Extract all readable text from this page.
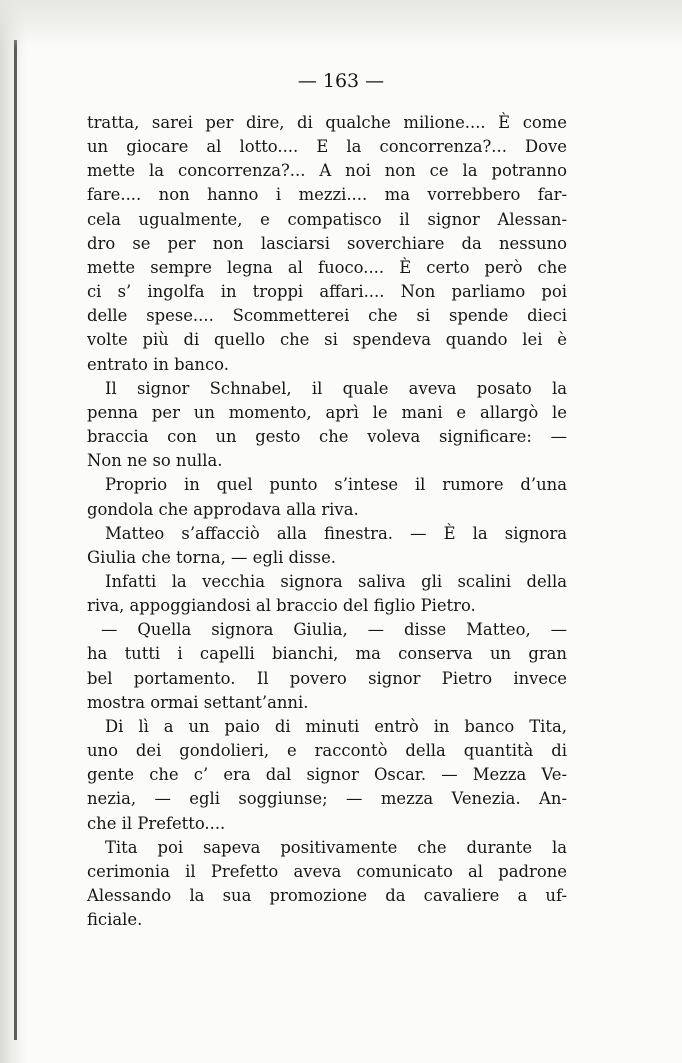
— 163 —
tratta, sarei per dire, di qualche milione.... È come
un giocare al lotto.... E la concorrenza?... Dove
mette la concorrenza?... A noi non ce la potranno
fare.... non hanno i mezzi.... ma vorrebbero far-
cela ugualmente, e compatisco il signor Alessan-
dro se per non lasciarsi soverchiare da nessuno
mette sempre legna al fuoco.... È certo però che
ci s’ ingolfa in troppi affari.... Non parliamo poi
delle spese.... Scommetterei che si spende dieci
volte più di quello che si spendeva quando lei è
entrato in banco.
Il signor Schnabel, il quale aveva posato la
penna per un momento, aprì le mani e allargò le
braccia con un gesto che voleva significare: —
Non ne so nulla.
Proprio in quel punto s’intese il rumore d’una
gondola che approdava alla riva.
Matteo s’affacciò alla finestra. — È la signora
Giulia che torna, — egli disse.
Infatti la vecchia signora saliva gli scalini della
riva, appoggiandosi al braccio del figlio Pietro.
— Quella signora Giulia, — disse Matteo, —
ha tutti i capelli bianchi, ma conserva un gran
bel portamento. Il povero signor Pietro invece
mostra ormai settant’anni.
Di lì a un paio di minuti entrò in banco Tita,
uno dei gondolieri, e raccontò della quantità di
gente che c’ era dal signor Oscar. — Mezza Ve-
nezia, — egli soggiunse; — mezza Venezia. An-
che il Prefetto....
Tita poi sapeva positivamente che durante la
cerimonia il Prefetto aveva comunicato al padrone
Alessando la sua promozione da cavaliere a uf-
ficiale.
